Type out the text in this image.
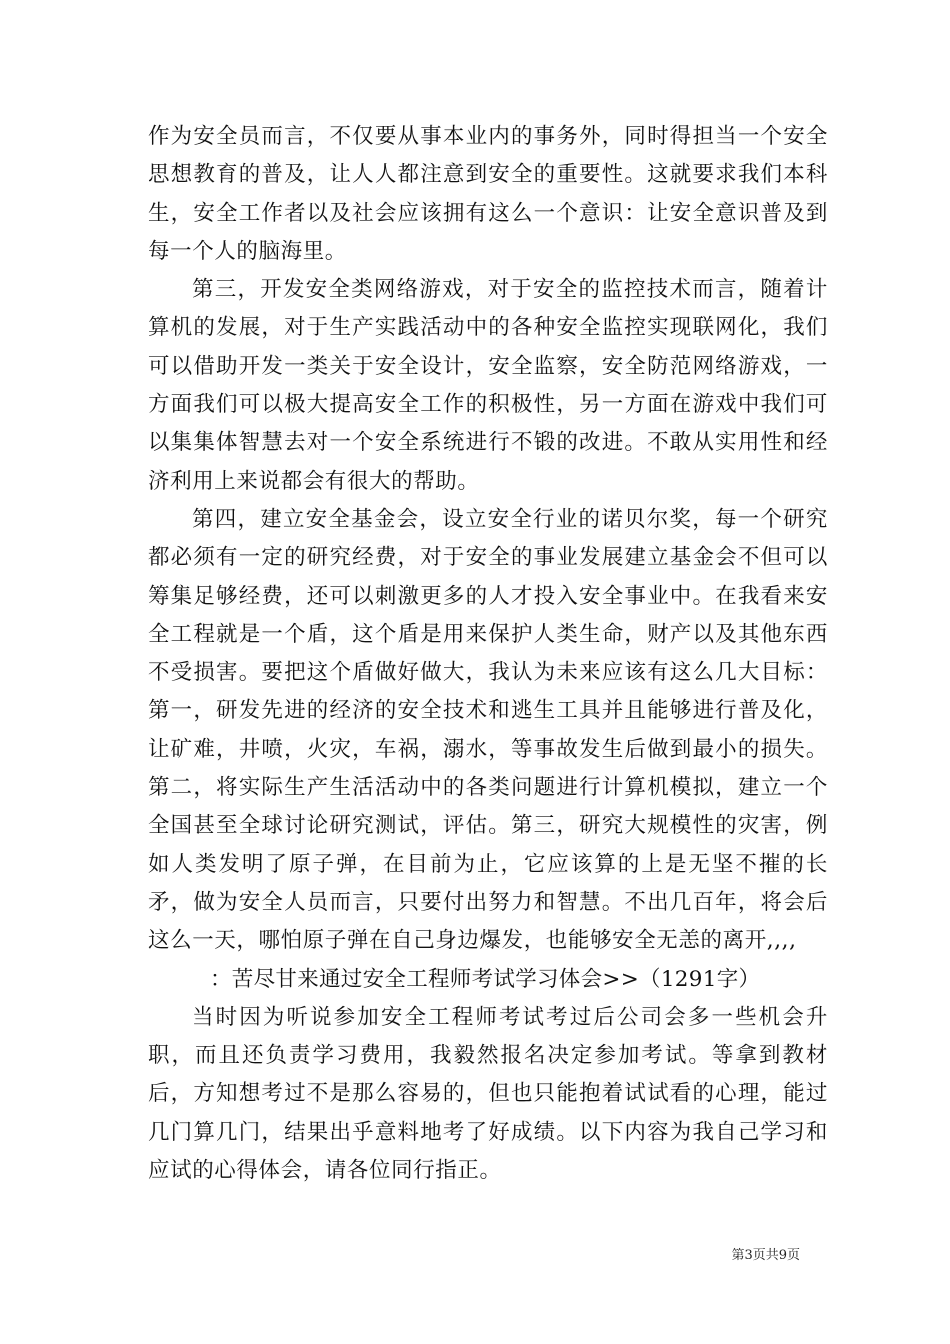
作为安全员而言，不仅要从事本业内的事务外，同时得担当一个安全思想教育的普及，让人人都注意到安全的重要性。这就要求我们本科生，安全工作者以及社会应该拥有这么一个意识：让安全意识普及到每一个人的脑海里。

第三，开发安全类网络游戏，对于安全的监控技术而言，随着计算机的发展，对于生产实践活动中的各种安全监控实现联网化，我们可以借助开发一类关于安全设计，安全监察，安全防范网络游戏，一方面我们可以极大提高安全工作的积极性，另一方面在游戏中我们可以集集体智慧去对一个安全系统进行不锻的改进。不敢从实用性和经济利用上来说都会有很大的帮助。

第四，建立安全基金会，设立安全行业的诺贝尔奖，每一个研究都必须有一定的研究经费，对于安全的事业发展建立基金会不但可以筹集足够经费，还可以刺激更多的人才投入安全事业中。在我看来安全工程就是一个盾，这个盾是用来保护人类生命，财产以及其他东西不受损害。要把这个盾做好做大，我认为未来应该有这么几大目标：第一，研发先进的经济的安全技术和逃生工具并且能够进行普及化，让矿难，井喷，火灾，车祸，溺水，等事故发生后做到最小的损失。第二，将实际生产生活活动中的各类问题进行计算机模拟，建立一个全国甚至全球讨论研究测试，评估。第三，研究大规模性的灾害，例如人类发明了原子弹，在目前为止，它应该算的上是无坚不摧的长矛，做为安全人员而言，只要付出努力和智慧。不出几百年，将会后这么一天，哪怕原子弹在自己身边爆发，也能够安全无恙的离开,,,,

：苦尽甘来通过安全工程师考试学习体会>>（1291字）

当时因为听说参加安全工程师考试考过后公司会多一些机会升职，而且还负责学习费用，我毅然报名决定参加考试。等拿到教材后，方知想考过不是那么容易的，但也只能抱着试试看的心理，能过几门算几门，结果出乎意料地考了好成绩。以下内容为我自己学习和应试的心得体会，请各位同行指正。

第3页共9页
